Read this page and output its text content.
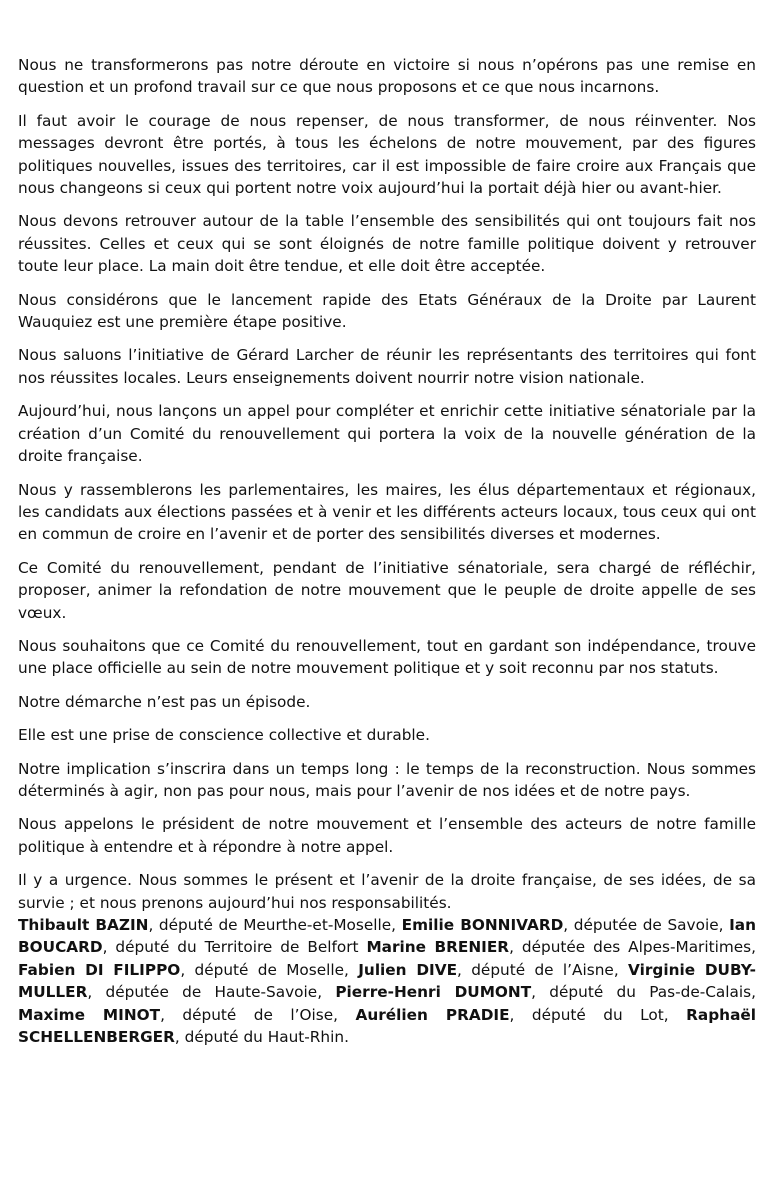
Nous ne transformerons pas notre déroute en victoire si nous n’opérons pas une remise en question et un profond travail sur ce que nous proposons et ce que nous incarnons.

Il faut avoir le courage de nous repenser, de nous transformer, de nous réinventer. Nos messages devront être portés, à tous les échelons de notre mouvement, par des figures politiques nouvelles, issues des territoires, car il est impossible de faire croire aux Français que nous changeons si ceux qui portent notre voix aujourd’hui la portait déjà hier ou avant-hier.

Nous devons retrouver autour de la table l’ensemble des sensibilités qui ont toujours fait nos réussites. Celles et ceux qui se sont éloignés de notre famille politique doivent y retrouver toute leur place. La main doit être tendue, et elle doit être acceptée.

Nous considérons que le lancement rapide des Etats Généraux de la Droite par Laurent Wauquiez est une première étape positive.

Nous saluons l’initiative de Gérard Larcher de réunir les représentants des territoires qui font nos réussites locales. Leurs enseignements doivent nourrir notre vision nationale.

Aujourd’hui, nous lançons un appel pour compléter et enrichir cette initiative sénatoriale par la création d’un Comité du renouvellement qui portera la voix de la nouvelle génération de la droite française.

Nous y rassemblerons les parlementaires, les maires, les élus départementaux et régionaux, les candidats aux élections passées et à venir et les différents acteurs locaux, tous ceux qui ont en commun de croire en l’avenir et de porter des sensibilités diverses et modernes.

Ce Comité du renouvellement, pendant de l’initiative sénatoriale, sera chargé de réfléchir, proposer, animer la refondation de notre mouvement que le peuple de droite appelle de ses vœux.

Nous souhaitons que ce Comité du renouvellement, tout en gardant son indépendance, trouve une place officielle au sein de notre mouvement politique et y soit reconnu par nos statuts.

Notre démarche n’est pas un épisode.

Elle est une prise de conscience collective et durable.

Notre implication s’inscrira dans un temps long : le temps de la reconstruction. Nous sommes déterminés à agir, non pas pour nous, mais pour l’avenir de nos idées et de notre pays.

Nous appelons le président de notre mouvement et l’ensemble des acteurs de notre famille politique à entendre et à répondre à notre appel.

Il y a urgence. Nous sommes le présent et l’avenir de la droite française, de ses idées, de sa survie ; et nous prenons aujourd’hui nos responsabilités.

Thibault BAZIN, député de Meurthe-et-Moselle, Emilie BONNIVARD, députée de Savoie, Ian BOUCARD, député du Territoire de Belfort Marine BRENIER, députée des Alpes-Maritimes, Fabien DI FILIPPO, député de Moselle, Julien DIVE, député de l’Aisne, Virginie DUBY-MULLER, députée de Haute-Savoie, Pierre-Henri DUMONT, député du Pas-de-Calais, Maxime MINOT, député de l’Oise, Aurélien PRADIE, député du Lot, Raphaël SCHELLENBERGER, député du Haut-Rhin.
